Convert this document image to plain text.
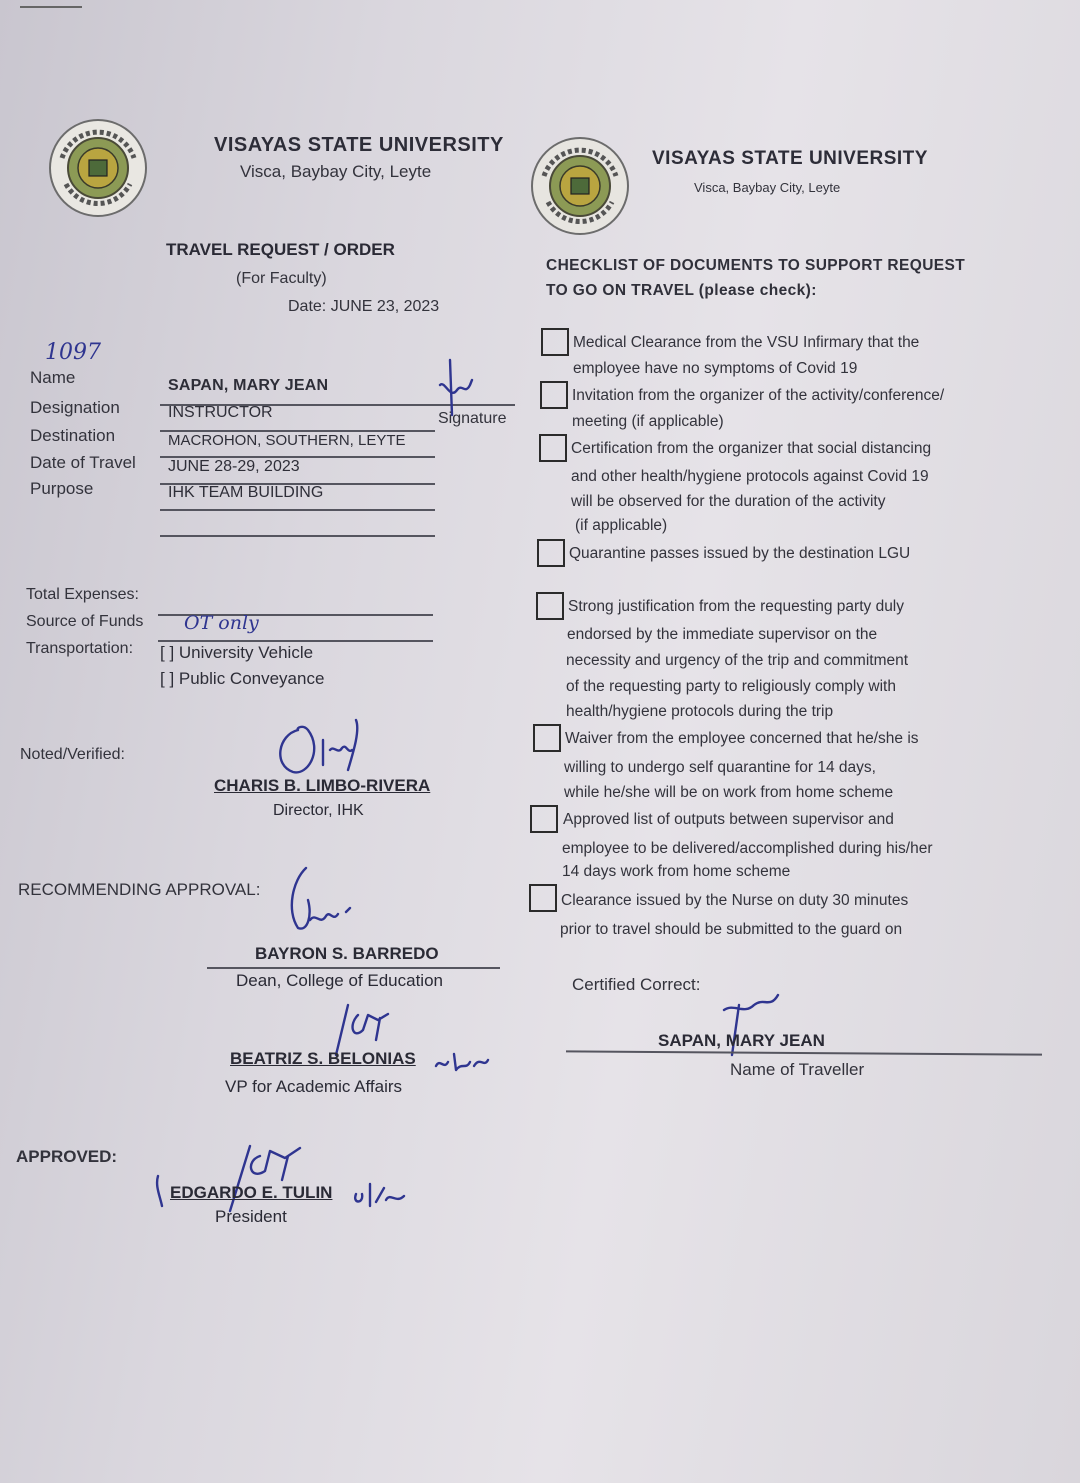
VISAYAS STATE UNIVERSITY
Visca, Baybay City, Leyte
TRAVEL REQUEST / ORDER
(For Faculty)
Date: JUNE 23, 2023
1097
Name	SAPAN, MARY JEAN
Signature
Designation	INSTRUCTOR
Destination	MACROHON, SOUTHERN, LEYTE
Date of Travel JUNE 28-29, 2023
Purpose	IHK TEAM BUILDING
Total Expenses:
Source of Funds OT only
Transportation: [ ] University Vehicle
[ ] Public Conveyance
Noted/Verified:
CHARIS B. LIMBO-RIVERA
Director, IHK
RECOMMENDING APPROVAL:
BAYRON S. BARREDO
Dean, College of Education
BEATRIZ S. BELONIAS
VP for Academic Affairs
APPROVED:
EDGARDO E. TULIN
President
VISAYAS STATE UNIVERSITY
Visca, Baybay City, Leyte
CHECKLIST OF DOCUMENTS TO SUPPORT REQUEST
TO GO ON TRAVEL (please check):
Medical Clearance from the VSU Infirmary that the
employee have no symptoms of Covid 19
Invitation from the organizer of the activity/conference/
meeting (if applicable)
Certification from the organizer that social distancing
and other health/hygiene protocols against Covid 19
will be observed for the duration of the activity
(if applicable)
Quarantine passes issued by the destination LGU
Strong justification from the requesting party duly
endorsed by the immediate supervisor on the
necessity and urgency of the trip and commitment
of the requesting party to religiously comply with
health/hygiene protocols during the trip
Waiver from the employee concerned that he/she is
willing to undergo self quarantine for 14 days,
while he/she will be on work from home scheme
Approved list of outputs between supervisor and
employee to be delivered/accomplished during his/her
14 days work from home scheme
Clearance issued by the Nurse on duty 30 minutes
prior to travel should be submitted to the guard on
Certified Correct:
SAPAN, MARY JEAN
Name of Traveller
